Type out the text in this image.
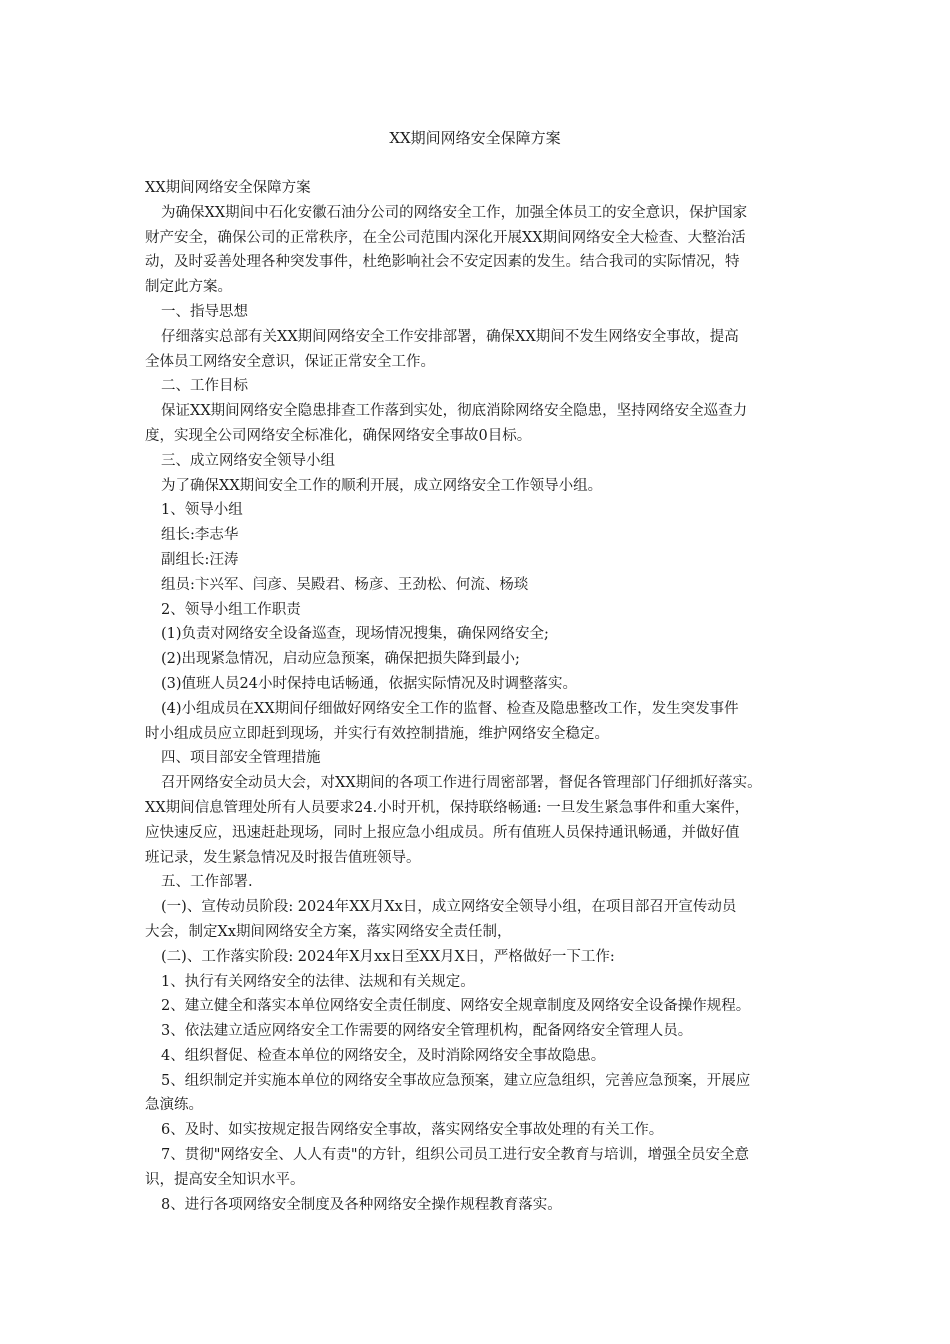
XX期间网络安全保障方案
XX期间网络安全保障方案
为确保XX期间中石化安徽石油分公司的网络安全工作，加强全体员工的安全意识，保护国家
财产安全，确保公司的正常秩序，在全公司范围内深化开展XX期间网络安全大检查、大整治活
动，及时妥善处理各种突发事件，杜绝影响社会不安定因素的发生。结合我司的实际情况，特
制定此方案。
一、指导思想
仔细落实总部有关XX期间网络安全工作安排部署，确保XX期间不发生网络安全事故，提高
全体员工网络安全意识，保证正常安全工作。
二、工作目标
保证XX期间网络安全隐患排查工作落到实处，彻底消除网络安全隐患，坚持网络安全巡查力
度，实现全公司网络安全标准化，确保网络安全事故0目标。
三、成立网络安全领导小组
为了确保XX期间安全工作的顺利开展，成立网络安全工作领导小组。
1、领导小组
组长:李志华
副组长:汪涛
组员:卞兴军、闫彦、吴殿君、杨彦、王劲松、何流、杨琰
2、领导小组工作职责
(1)负责对网络安全设备巡查，现场情况搜集，确保网络安全;
(2)出现紧急情况，启动应急预案，确保把损失降到最小;
(3)值班人员24小时保持电话畅通，依据实际情况及时调整落实。
(4)小组成员在XX期间仔细做好网络安全工作的监督、检查及隐患整改工作，发生突发事件
时小组成员应立即赶到现场，并实行有效控制措施，维护网络安全稳定。
四、项目部安全管理措施
召开网络安全动员大会，对XX期间的各项工作进行周密部署，督促各管理部门仔细抓好落实。
XX期间信息管理处所有人员要求24.小时开机，保持联络畅通: 一旦发生紧急事件和重大案件，
应快速反应，迅速赶赴现场，同时上报应急小组成员。所有值班人员保持通讯畅通，并做好值
班记录，发生紧急情况及时报告值班领导。
五、工作部署.
(一)、宣传动员阶段: 2024年XX月Xx日，成立网络安全领导小组，在项目部召开宣传动员
大会，制定Xx期间网络安全方案，落实网络安全责任制，
(二)、工作落实阶段: 2024年X月xx日至XX月X日，严格做好一下工作:
1、执行有关网络安全的法律、法规和有关规定。
2、建立健全和落实本单位网络安全责任制度、网络安全规章制度及网络安全设备操作规程。
3、依法建立适应网络安全工作需要的网络安全管理机构，配备网络安全管理人员。
4、组织督促、检查本单位的网络安全，及时消除网络安全事故隐患。
5、组织制定并实施本单位的网络安全事故应急预案，建立应急组织，完善应急预案，开展应
急演练。
6、及时、如实按规定报告网络安全事故，落实网络安全事故处理的有关工作。
7、贯彻"网络安全、人人有责"的方针，组织公司员工进行安全教育与培训，增强全员安全意
识，提高安全知识水平。
8、进行各项网络安全制度及各种网络安全操作规程教育落实。
